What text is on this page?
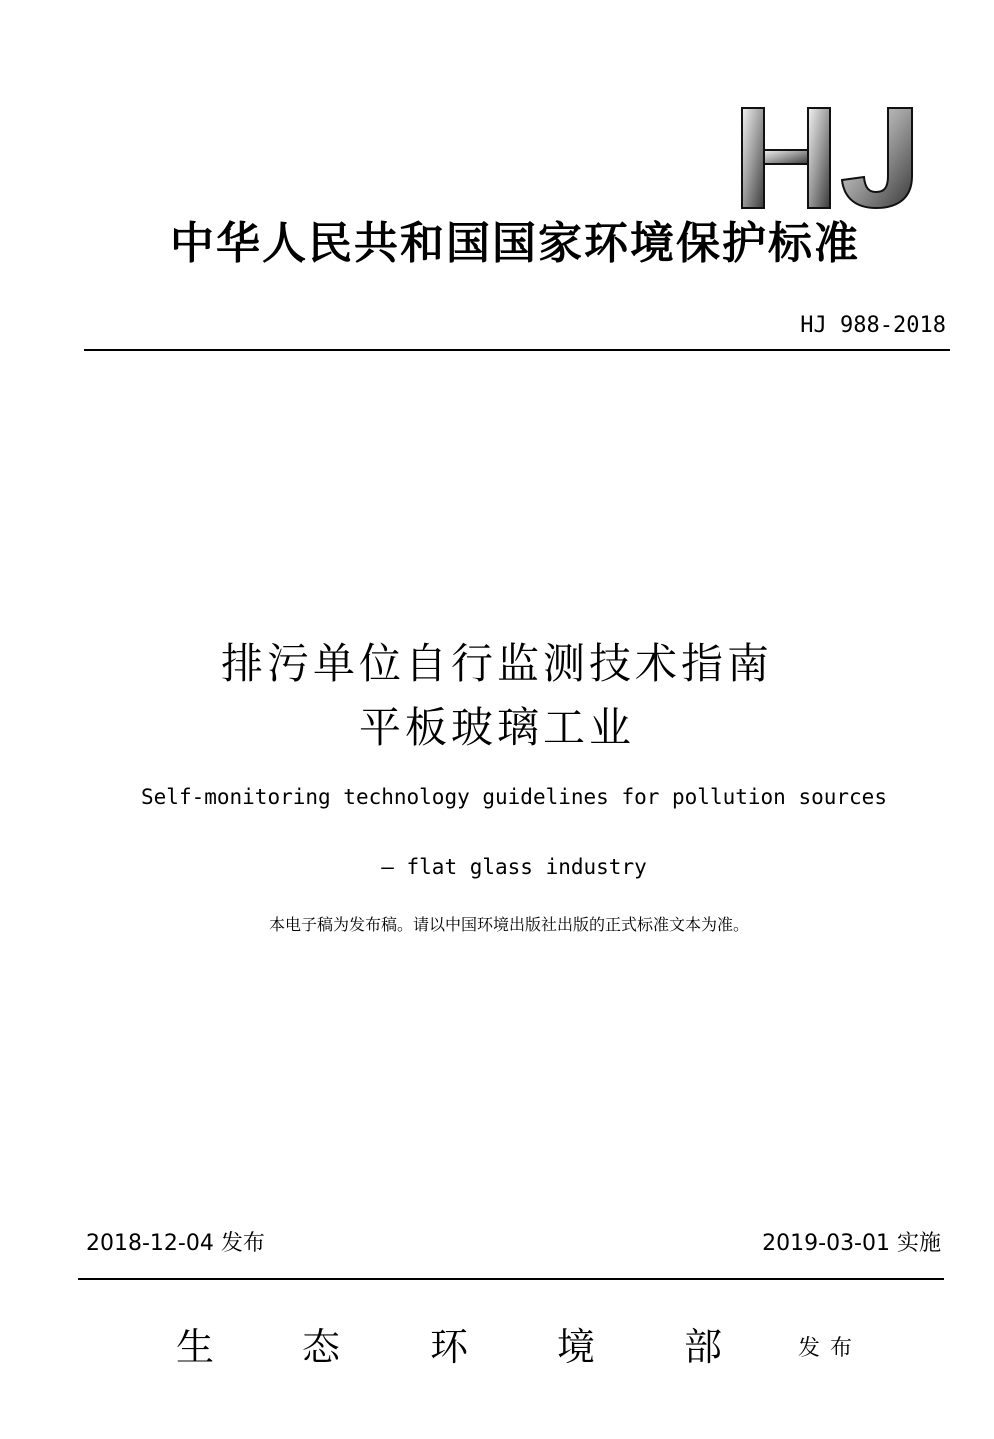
中华人民共和国国家环境保护标准
HJ 988-2018
排污单位自行监测技术指南
平板玻璃工业
Self-monitoring technology guidelines for pollution sources
— flat glass industry
本电子稿为发布稿。请以中国环境出版社出版的正式标准文本为准。
2018-12-04 发布	2019-03-01 实施
生 态 环 境 部	发布
